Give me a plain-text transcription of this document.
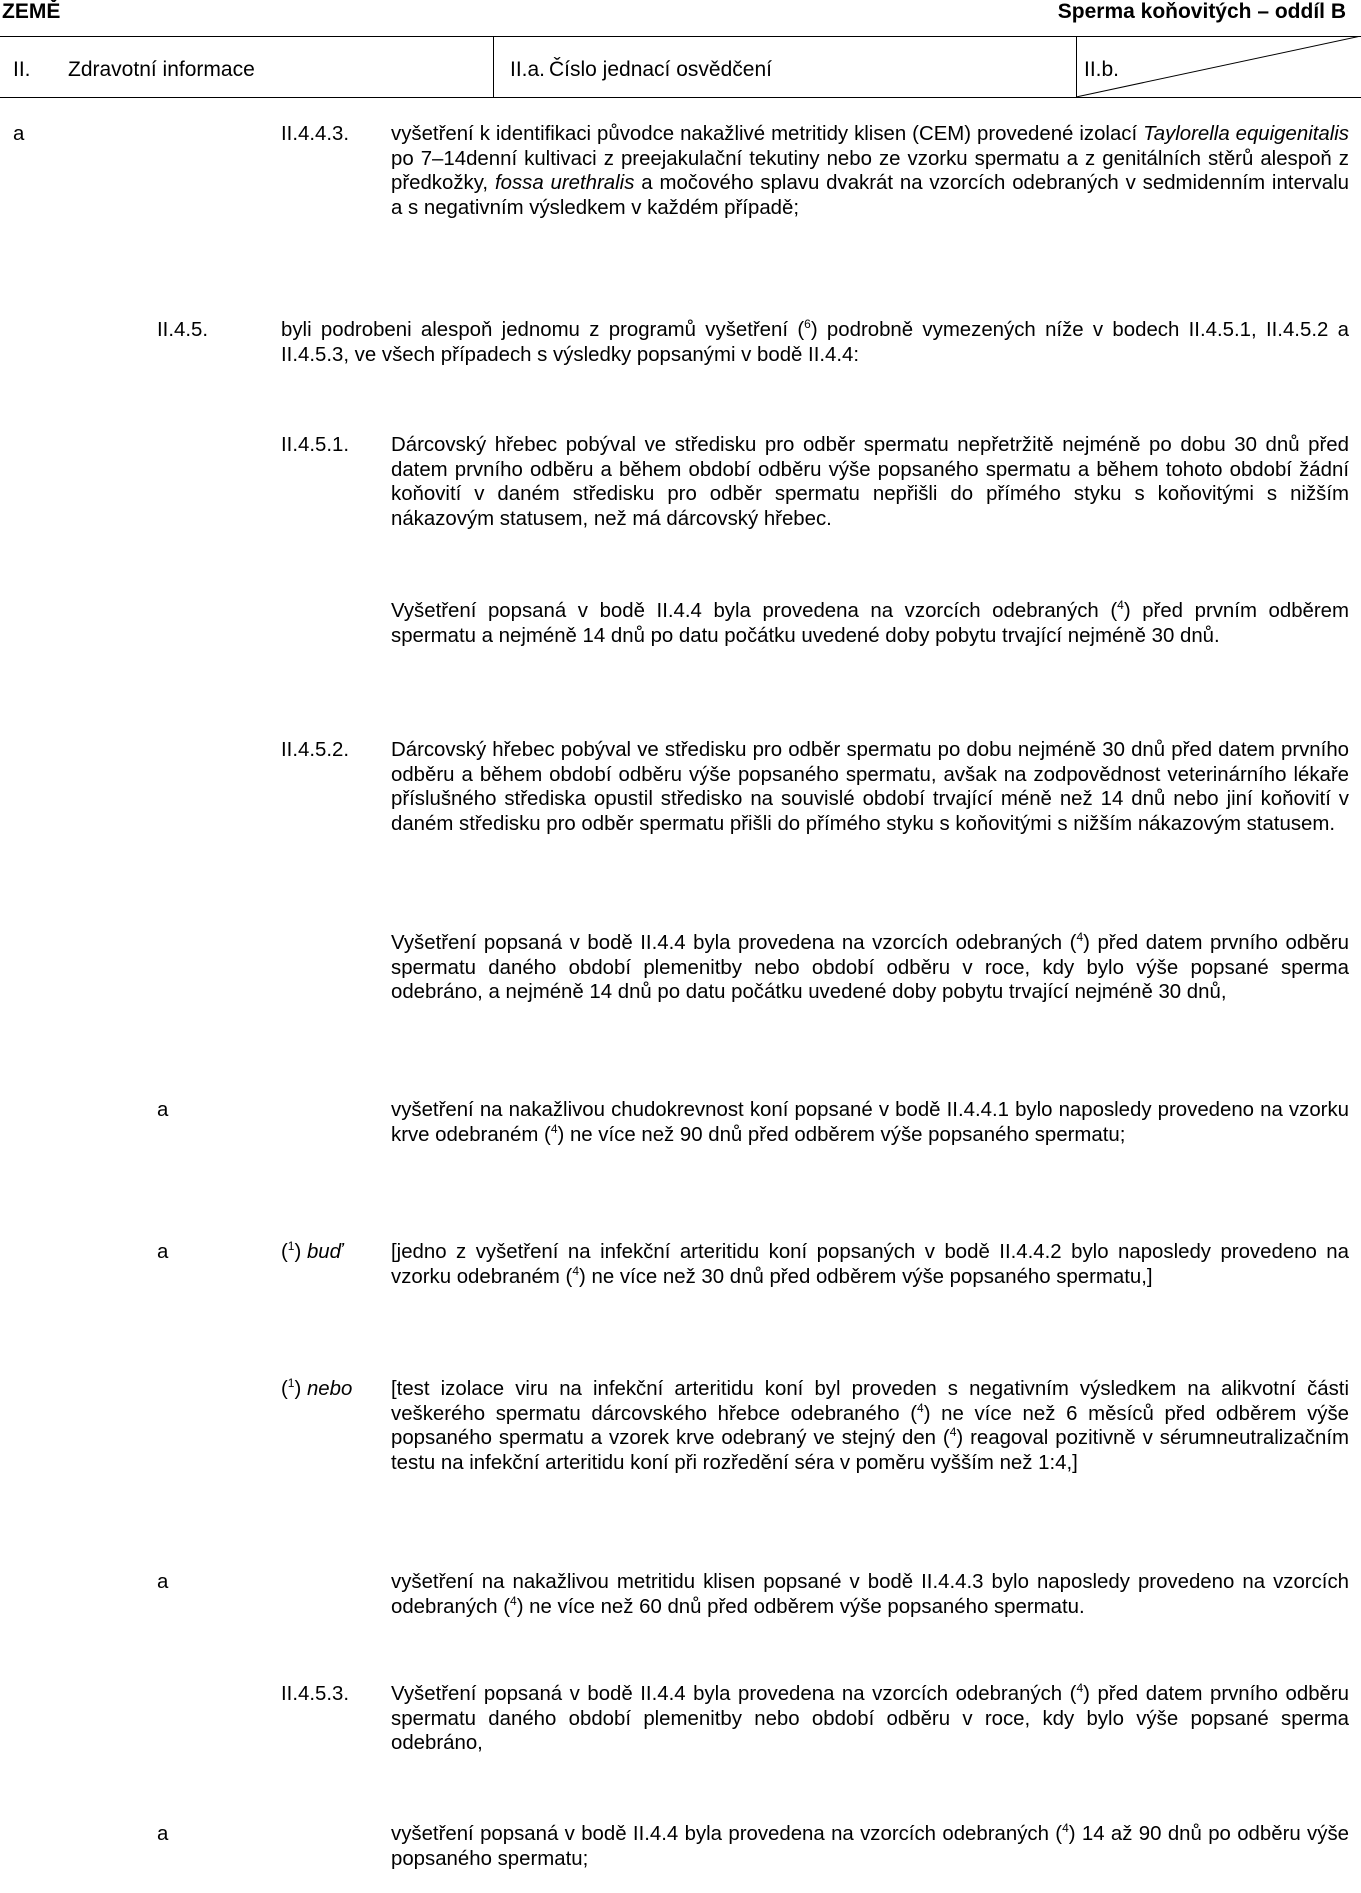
ZEMĚ	Sperma koňovitých – oddíl B
II. Zdravotní informace	II.a. Číslo jednací osvědčení	II.b.
a	II.4.4.3. vyšetření k identifikaci původce nakažlivé metritidy klisen (CEM) provedené izolací Taylorella equigenitalis po 7–14denní kultivaci z preejakulační tekutiny nebo ze vzorku spermatu a z genitálních stěrů alespoň z předkožky, fossa urethralis a močového splavu dvakrát na vzorcích odebraných v sedmidenním intervalu a s negativním výsledkem v každém případě;

II.4.5.	byli podrobeni alespoň jednomu z programů vyšetření ($^6$) podrobně vymezených níže v bodech II.4.5.1, II.4.5.2 a II.4.5.3, ve všech případech s výsledky popsanými v bodě II.4.4:

II.4.5.1. Dárcovský hřebec pobýval ve středisku pro odběr spermatu nepřetržitě nejméně po dobu 30 dnů před datem prvního odběru a během období odběru výše popsaného spermatu a během tohoto období žádní koňovití v daném středisku pro odběr spermatu nepřišli do přímého styku s koňovitými s nižším nákazovým statusem, než má dárcovský hřebec.

Vyšetření popsaná v bodě II.4.4 byla provedena na vzorcích odebraných ($^4$) před prvním odběrem spermatu a nejméně 14 dnů po datu počátku uvedené doby pobytu trvající nejméně 30 dnů.

II.4.5.2. Dárcovský hřebec pobýval ve středisku pro odběr spermatu po dobu nejméně 30 dnů před datem prvního odběru a během období odběru výše popsaného spermatu, avšak na zodpovědnost veterinárního lékaře příslušného střediska opustil středisko na souvislé období trvající méně než 14 dnů nebo jiní koňovití v daném středisku pro odběr spermatu přišli do přímého styku s koňovitými s nižším nákazovým statusem.

Vyšetření popsaná v bodě II.4.4 byla provedena na vzorcích odebraných ($^4$) před datem prvního odběru spermatu daného období plemenitby nebo období odběru v roce, kdy bylo výše popsané sperma odebráno, a nejméně 14 dnů po datu počátku uvedené doby pobytu trvající nejméně 30 dnů,

a	vyšetření na nakažlivou chudokrevnost koní popsané v bodě II.4.4.1 bylo naposledy provedeno na vzorku krve odebraném ($^4$) ne více než 90 dnů před odběrem výše popsaného spermatu;

a	($^1$) buď [jedno z vyšetření na infekční arteritidu koní popsaných v bodě II.4.4.2 bylo naposledy provedeno na vzorku odebraném ($^4$) ne více než 30 dnů před odběrem výše popsaného spermatu,]

($^1$) nebo [test izolace viru na infekční arteritidu koní byl proveden s negativním výsledkem na alikvotní části veškerého spermatu dárcovského hřebce odebraného ($^4$) ne více než 6 měsíců před odběrem výše popsaného spermatu a vzorek krve odebraný ve stejný den ($^4$) reagoval pozitivně v sérumneutralizačním testu na infekční arteritidu koní při rozředění séra v poměru vyšším než 1:4,]

a	vyšetření na nakažlivou metritidu klisen popsané v bodě II.4.4.3 bylo naposledy provedeno na vzorcích odebraných ($^4$) ne více než 60 dnů před odběrem výše popsaného spermatu.

II.4.5.3. Vyšetření popsaná v bodě II.4.4 byla provedena na vzorcích odebraných ($^4$) před datem prvního odběru spermatu daného období plemenitby nebo období odběru v roce, kdy bylo výše popsané sperma odebráno,

a	vyšetření popsaná v bodě II.4.4 byla provedena na vzorcích odebraných ($^4$) 14 až 90 dnů po odběru výše popsaného spermatu;
